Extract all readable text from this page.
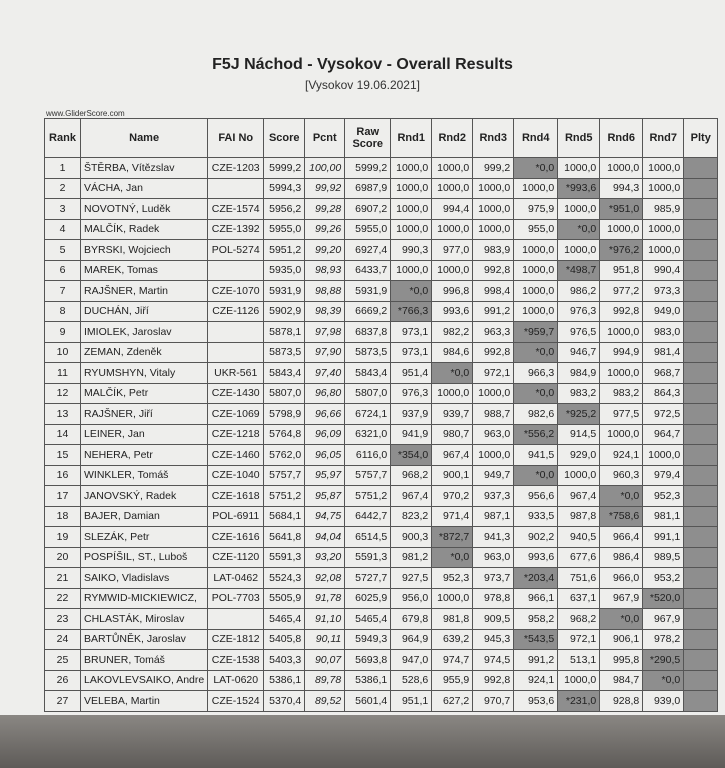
F5J Náchod - Vysokov - Overall Results
[Vysokov 19.06.2021]
www.GliderScore.com
Rank	Name	FAI No	Score	Pcnt	Raw Score	Rnd1	Rnd2	Rnd3	Rnd4	Rnd5	Rnd6	Rnd7	Plty
1	ŠTĚRBA, Vítězslav	CZE-1203	5999,2	100,00	5999,2	1000,0	1000,0	999,2	*0,0	1000,0	1000,0	1000,0	
2	VÁCHA, Jan		5994,3	99,92	6987,9	1000,0	1000,0	1000,0	1000,0	*993,6	994,3	1000,0	
3	NOVOTNÝ, Luděk	CZE-1574	5956,2	99,28	6907,2	1000,0	994,4	1000,0	975,9	1000,0	*951,0	985,9	
4	MALČÍK, Radek	CZE-1392	5955,0	99,26	5955,0	1000,0	1000,0	1000,0	955,0	*0,0	1000,0	1000,0	
5	BYRSKI, Wojciech	POL-5274	5951,2	99,20	6927,4	990,3	977,0	983,9	1000,0	1000,0	*976,2	1000,0	
6	MAREK, Tomas		5935,0	98,93	6433,7	1000,0	1000,0	992,8	1000,0	*498,7	951,8	990,4	
7	RAJŠNER, Martin	CZE-1070	5931,9	98,88	5931,9	*0,0	996,8	998,4	1000,0	986,2	977,2	973,3	
8	DUCHÁN, Jiří	CZE-1126	5902,9	98,39	6669,2	*766,3	993,6	991,2	1000,0	976,3	992,8	949,0	
9	IMIOLEK, Jaroslav		5878,1	97,98	6837,8	973,1	982,2	963,3	*959,7	976,5	1000,0	983,0	
10	ZEMAN, Zdeněk		5873,5	97,90	5873,5	973,1	984,6	992,8	*0,0	946,7	994,9	981,4	
11	RYUMSHYN, Vitaly	UKR-561	5843,4	97,40	5843,4	951,4	*0,0	972,1	966,3	984,9	1000,0	968,7	
12	MALČÍK, Petr	CZE-1430	5807,0	96,80	5807,0	976,3	1000,0	1000,0	*0,0	983,2	983,2	864,3	
13	RAJŠNER, Jiří	CZE-1069	5798,9	96,66	6724,1	937,9	939,7	988,7	982,6	*925,2	977,5	972,5	
14	LEINER, Jan	CZE-1218	5764,8	96,09	6321,0	941,9	980,7	963,0	*556,2	914,5	1000,0	964,7	
15	NEHERA, Petr	CZE-1460	5762,0	96,05	6116,0	*354,0	967,4	1000,0	941,5	929,0	924,1	1000,0	
16	WINKLER, Tomáš	CZE-1040	5757,7	95,97	5757,7	968,2	900,1	949,7	*0,0	1000,0	960,3	979,4	
17	JANOVSKÝ, Radek	CZE-1618	5751,2	95,87	5751,2	967,4	970,2	937,3	956,6	967,4	*0,0	952,3	
18	BAJER, Damian	POL-6911	5684,1	94,75	6442,7	823,2	971,4	987,1	933,5	987,8	*758,6	981,1	
19	SLEZÁK, Petr	CZE-1616	5641,8	94,04	6514,5	900,3	*872,7	941,3	902,2	940,5	966,4	991,1	
20	POSPÍŠIL, ST., Luboš	CZE-1120	5591,3	93,20	5591,3	981,2	*0,0	963,0	993,6	677,6	986,4	989,5	
21	SAIKO, Vladislavs	LAT-0462	5524,3	92,08	5727,7	927,5	952,3	973,7	*203,4	751,6	966,0	953,2	
22	RYMWID-MICKIEWICZ,	POL-7703	5505,9	91,78	6025,9	956,0	1000,0	978,8	966,1	637,1	967,9	*520,0	
23	CHLASTÁK, Miroslav		5465,4	91,10	5465,4	679,8	981,8	909,5	958,2	968,2	*0,0	967,9	
24	BARTŮNĚK, Jaroslav	CZE-1812	5405,8	90,11	5949,3	964,9	639,2	945,3	*543,5	972,1	906,1	978,2	
25	BRUNER, Tomáš	CZE-1538	5403,3	90,07	5693,8	947,0	974,7	974,5	991,2	513,1	995,8	*290,5	
26	LAKOVLEVSAIKO, Andre	LAT-0620	5386,1	89,78	5386,1	528,6	955,9	992,8	924,1	1000,0	984,7	*0,0	
27	VELEBA, Martin	CZE-1524	5370,4	89,52	5601,4	951,1	627,2	970,7	953,6	*231,0	928,8	939,0	
